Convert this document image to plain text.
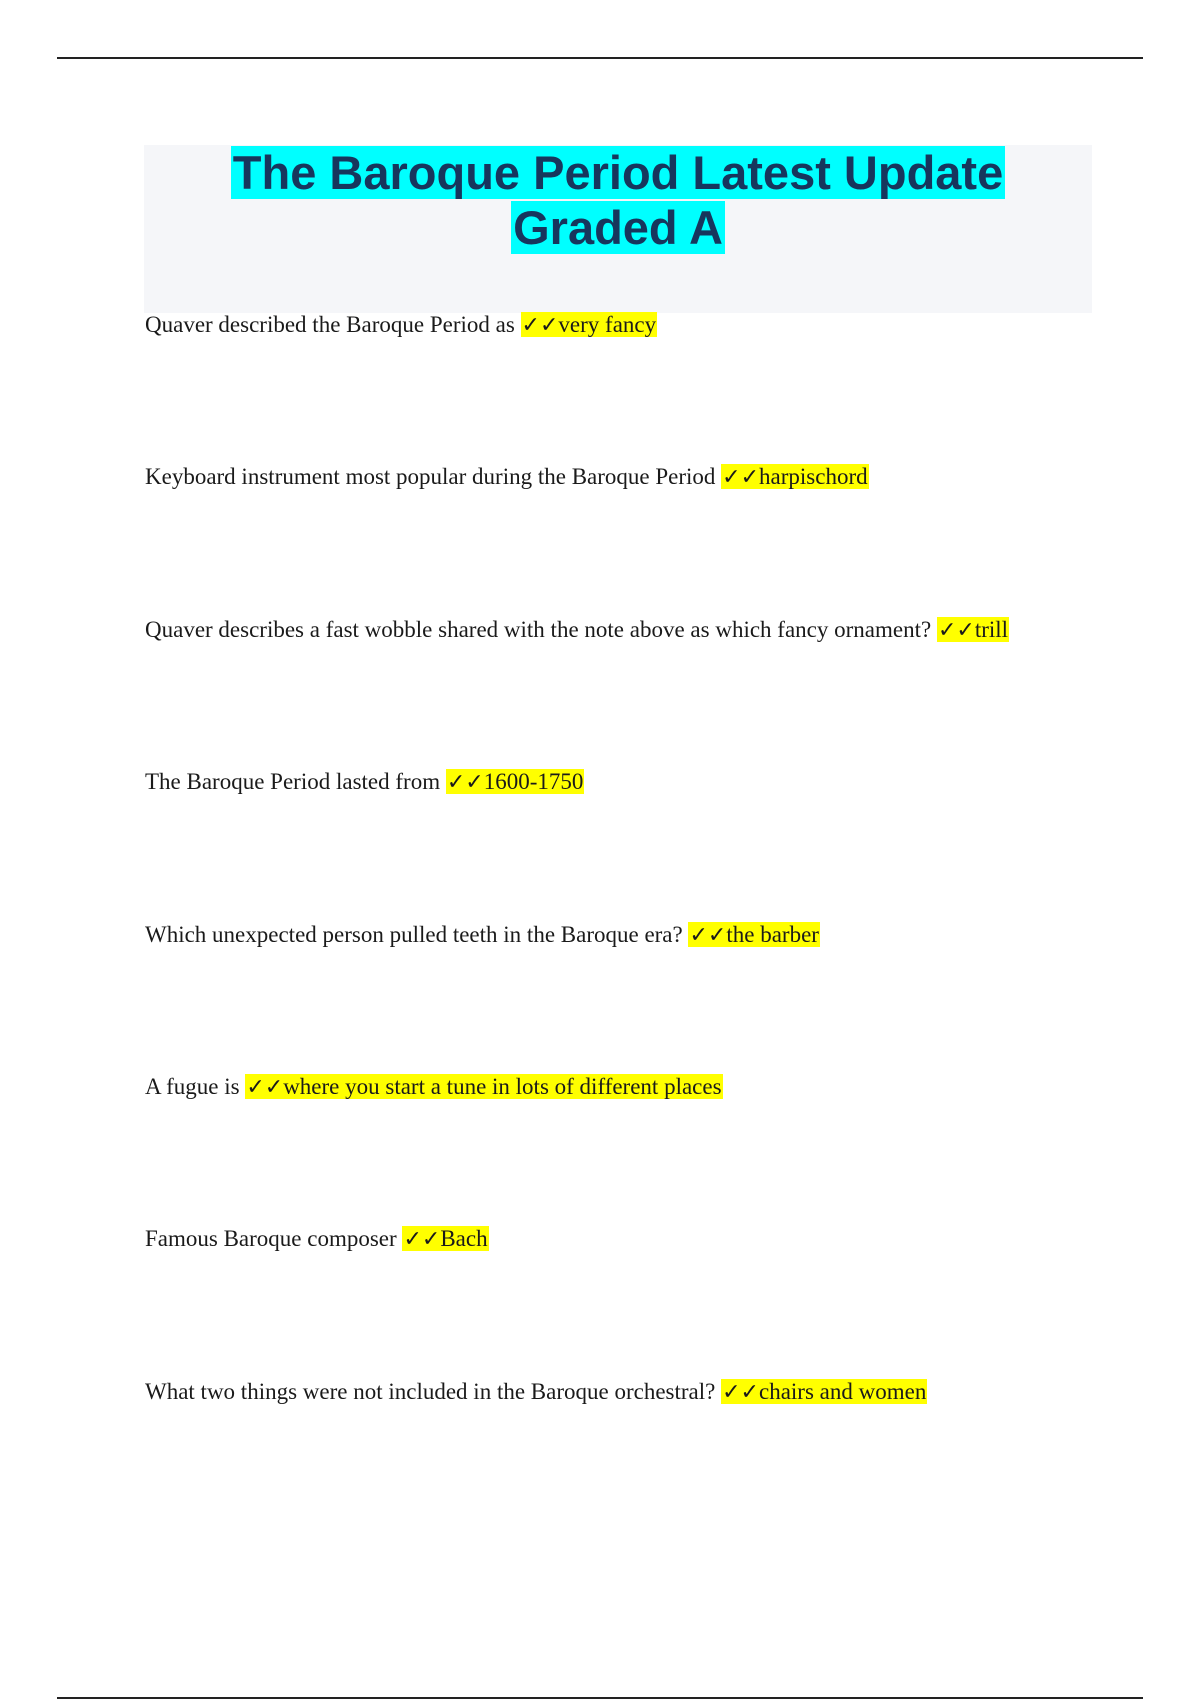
The Baroque Period Latest Update
Graded A
Quaver described the Baroque Period as ✓✓very fancy
Keyboard instrument most popular during the Baroque Period ✓✓harpischord
Quaver describes a fast wobble shared with the note above as which fancy ornament? ✓✓trill
The Baroque Period lasted from ✓✓1600-1750
Which unexpected person pulled teeth in the Baroque era? ✓✓the barber
A fugue is ✓✓where you start a tune in lots of different places
Famous Baroque composer ✓✓Bach
What two things were not included in the Baroque orchestral? ✓✓chairs and women
